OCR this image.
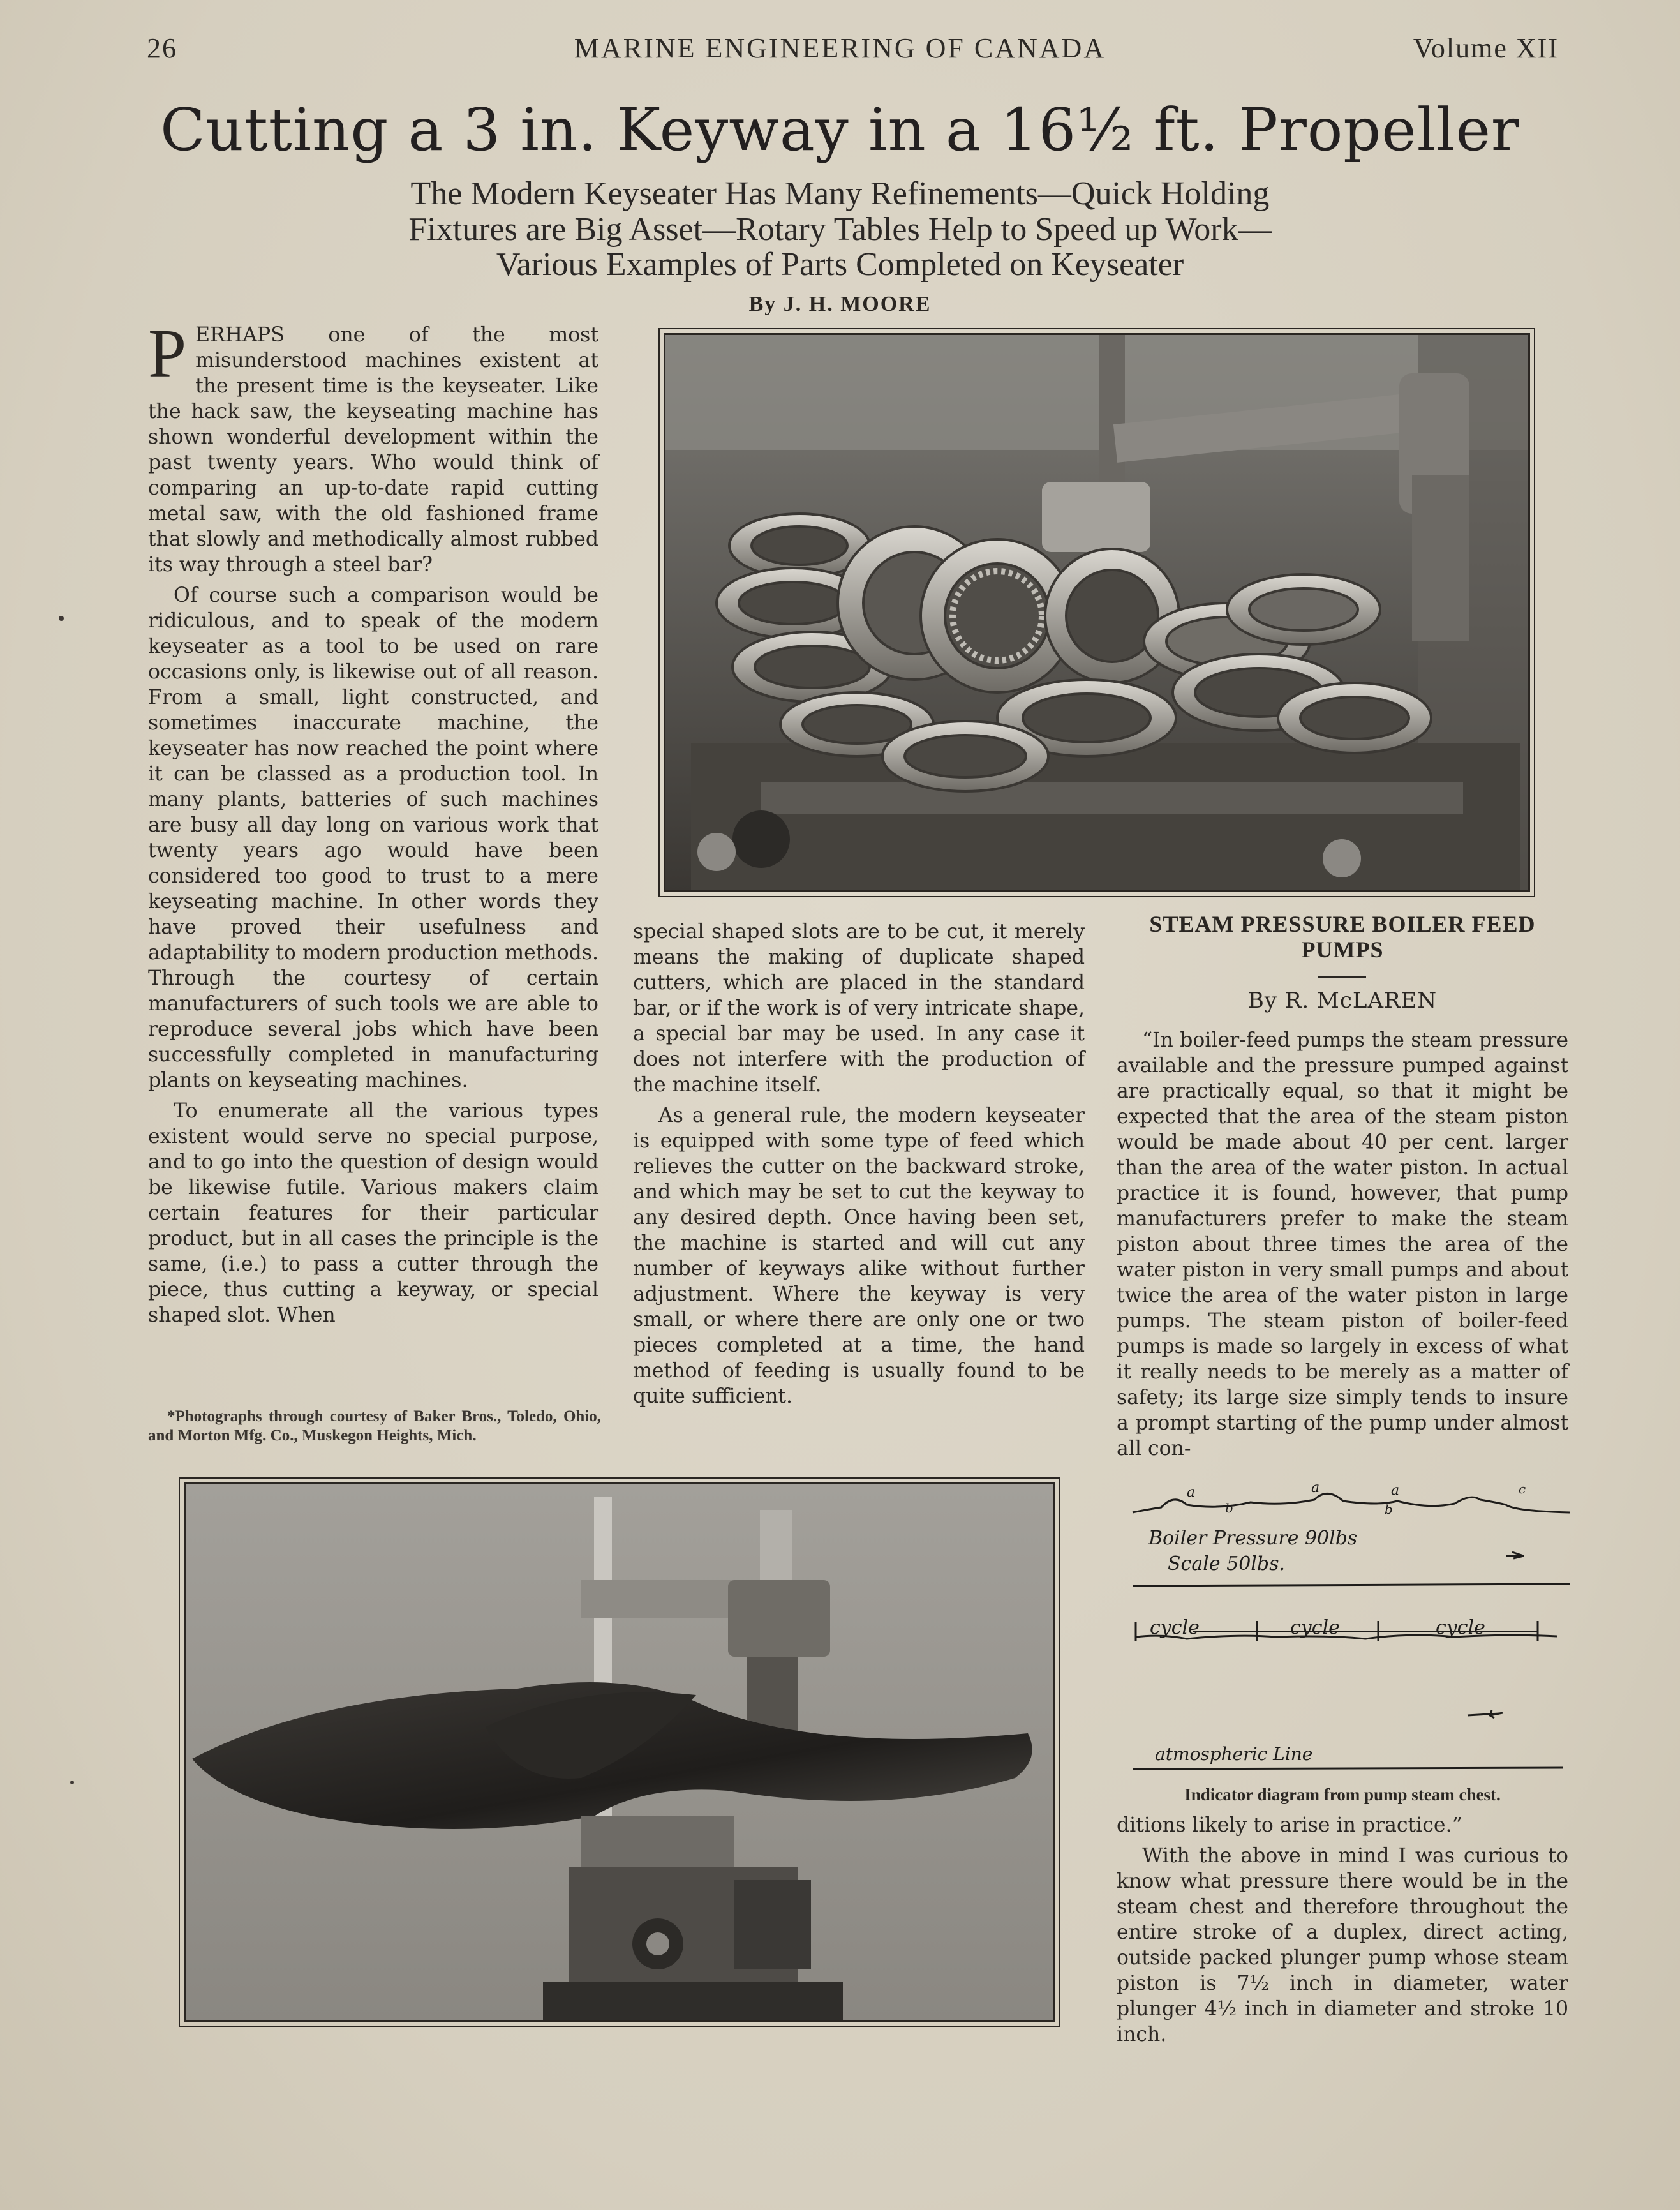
26	MARINE ENGINEERING OF CANADA	Volume XII
Cutting a 3 in. Keyway in a 16½ ft. Propeller
The Modern Keyseater Has Many Refinements—Quick Holding
Fixtures are Big Asset—Rotary Tables Help to Speed up Work—
Various Examples of Parts Completed on Keyseater
By J. H. MOORE

PERHAPS one of the most misunderstood machines existent at the present time is the keyseater. Like the hack saw, the keyseating machine has shown wonderful development within the past twenty years. Who would think of comparing an up-to-date rapid cutting metal saw, with the old fashioned frame that slowly and methodically almost rubbed its way through a steel bar?

Of course such a comparison would be ridiculous, and to speak of the modern keyseater as a tool to be used on rare occasions only, is likewise out of all reason. From a small, light constructed, and sometimes inaccurate machine, the keyseater has now reached the point where it can be classed as a production tool. In many plants, batteries of such machines are busy all day long on various work that twenty years ago would have been considered too good to trust to a mere keyseating machine. In other words they have proved their usefulness and adaptability to modern production methods. Through the courtesy of certain manufacturers of such tools we are able to reproduce several jobs which have been successfully completed in manufacturing plants on keyseating machines.

To enumerate all the various types existent would serve no special purpose, and to go into the question of design would be likewise futile. Various makers claim certain features for their particular product, but in all cases the principle is the same, (i.e.) to pass a cutter through the piece, thus cutting a keyway, or special shaped slot. When

*Photographs through courtesy of Baker Bros., Toledo, Ohio, and Morton Mfg. Co., Muskegon Heights, Mich.

special shaped slots are to be cut, it merely means the making of duplicate shaped cutters, which are placed in the standard bar, or if the work is of very intricate shape, a special bar may be used. In any case it does not interfere with the production of the machine itself.

As a general rule, the modern keyseater is equipped with some type of feed which relieves the cutter on the backward stroke, and which may be set to cut the keyway to any desired depth. Once having been set, the machine is started and will cut any number of keyways alike without further adjustment. Where the keyway is very small, or where there are only one or two pieces completed at a time, the hand method of feeding is usually found to be quite sufficient.

STEAM PRESSURE BOILER FEED PUMPS
By R. McLAREN

“In boiler-feed pumps the steam pressure available and the pressure pumped against are practically equal, so that it might be expected that the area of the steam piston would be made about 40 per cent. larger than the area of the water piston. In actual practice it is found, however, that pump manufacturers prefer to make the steam piston about three times the area of the water piston in very small pumps and about twice the area of the water piston in large pumps. The steam piston of boiler-feed pumps is made so largely in excess of what it really needs to be merely as a matter of safety; its large size simply tends to insure a prompt starting of the pump under almost all con-

a	a
b
a
b
c
Boiler Pressure 90lbs
Scale 50lbs.
cycle	cycle	cycle
atmospheric Line
Indicator diagram from pump steam chest.

ditions likely to arise in practice.”

With the above in mind I was curious to know what pressure there would be in the steam chest and therefore throughout the entire stroke of a duplex, direct acting, outside packed plunger pump whose steam piston is 7½ inch in diameter, water plunger 4½ inch in diameter and stroke 10 inch.
